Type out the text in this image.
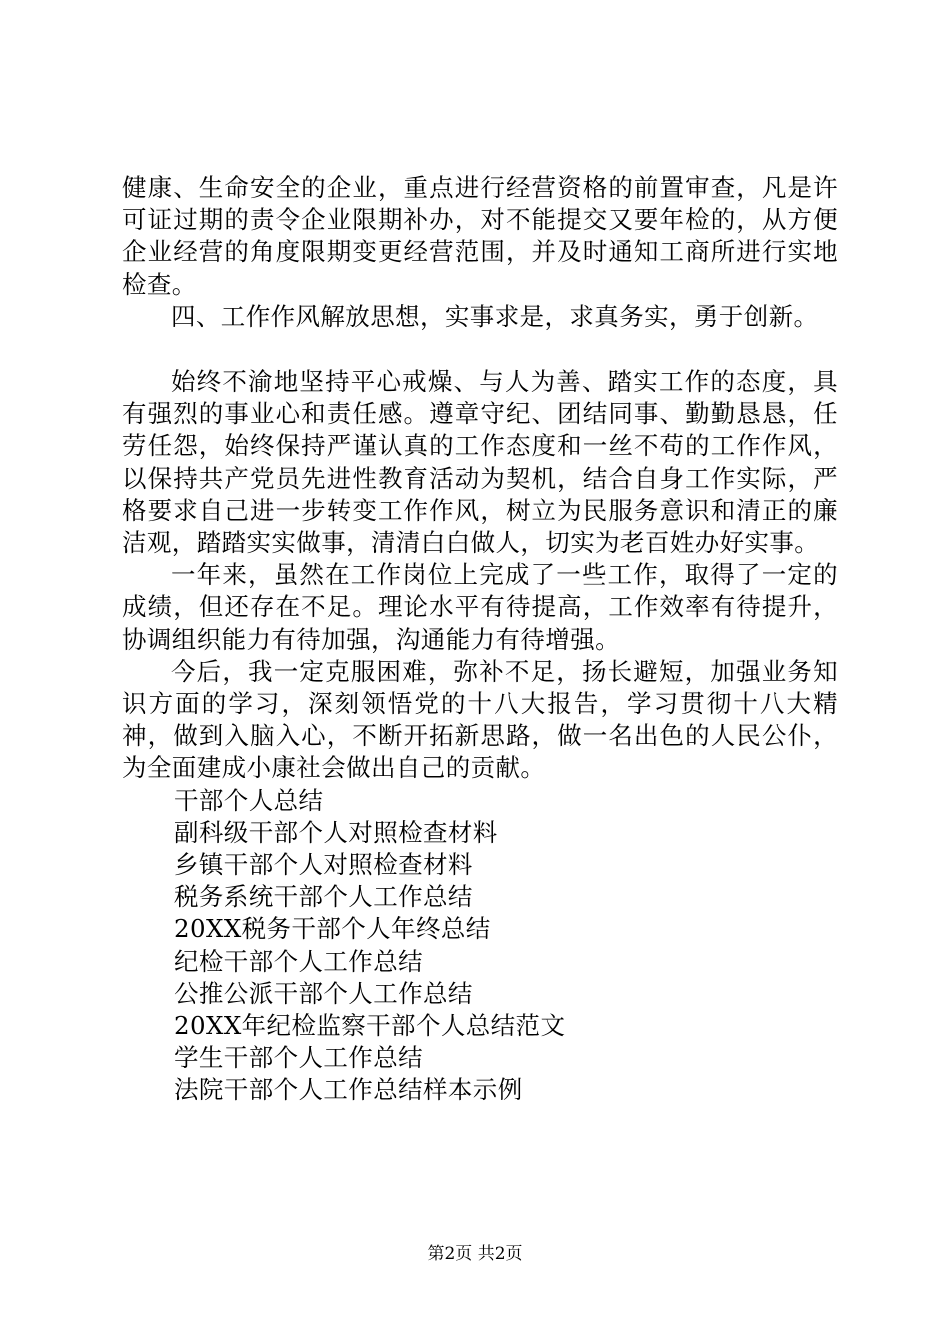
健康、生命安全的企业，重点进行经营资格的前置审查，凡是许可证过期的责令企业限期补办，对不能提交又要年检的，从方便企业经营的角度限期变更经营范围，并及时通知工商所进行实地检查。

四、工作作风解放思想，实事求是，求真务实，勇于创新。

始终不渝地坚持平心戒燥、与人为善、踏实工作的态度，具有强烈的事业心和责任感。遵章守纪、团结同事、勤勤恳恳，任劳任怨，始终保持严谨认真的工作态度和一丝不苟的工作作风，以保持共产党员先进性教育活动为契机，结合自身工作实际，严格要求自己进一步转变工作作风，树立为民服务意识和清正的廉洁观，踏踏实实做事，清清白白做人，切实为老百姓办好实事。

一年来，虽然在工作岗位上完成了一些工作，取得了一定的成绩，但还存在不足。理论水平有待提高，工作效率有待提升，协调组织能力有待加强，沟通能力有待增强。

今后，我一定克服困难，弥补不足，扬长避短，加强业务知识方面的学习，深刻领悟党的十八大报告，学习贯彻十八大精神，做到入脑入心，不断开拓新思路，做一名出色的人民公仆，为全面建成小康社会做出自己的贡献。

干部个人总结
副科级干部个人对照检查材料
乡镇干部个人对照检查材料
税务系统干部个人工作总结
20XX税务干部个人年终总结
纪检干部个人工作总结
公推公派干部个人工作总结
20XX年纪检监察干部个人总结范文
学生干部个人工作总结
法院干部个人工作总结样本示例
第2页 共2页
